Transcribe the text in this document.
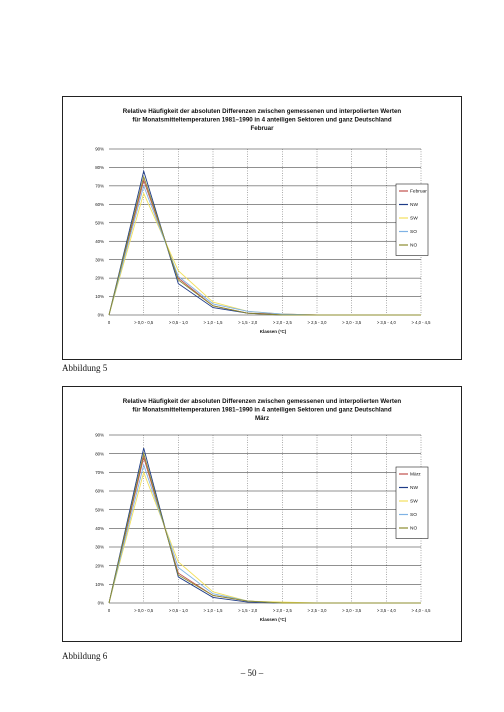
Relative Häufigkeit der absoluten Differenzen zwischen gemessenen und interpolierten Werten
für Monatsmitteltemperaturen 1981–1990 in 4 anteiligen Sektoren und ganz Deutschland
Februar
0%
10%
20%
30%
40%
50%
60%
70%
80%
90%
0	> 0,0 - 0,5	> 0,5 - 1,0	> 1,0 - 1,5	> 1,5 - 2,0	> 2,0 - 2,5	> 2,5 - 3,0	> 3,0 - 3,5	> 3,5 - 4,0	> 4,0 - 4,5
Klassen (°C)
Februar
NW
SW
SO
NO
Abbildung 5
Relative Häufigkeit der absoluten Differenzen zwischen gemessenen und interpolierten Werten
für Monatsmitteltemperaturen 1981–1990 in 4 anteiligen Sektoren und ganz Deutschland
März
0%
10%
20%
30%
40%
50%
60%
70%
80%
90%
0	> 0,0 - 0,5	> 0,5 - 1,0	> 1,0 - 1,5	> 1,5 - 2,0	> 2,0 - 2,5	> 2,5 - 3,0	> 3,0 - 3,5	> 3,5 - 4,0	> 4,0 - 4,5
Klassen (°C)
März
NW
SW
SO
NO
Abbildung 6
– 50 –
